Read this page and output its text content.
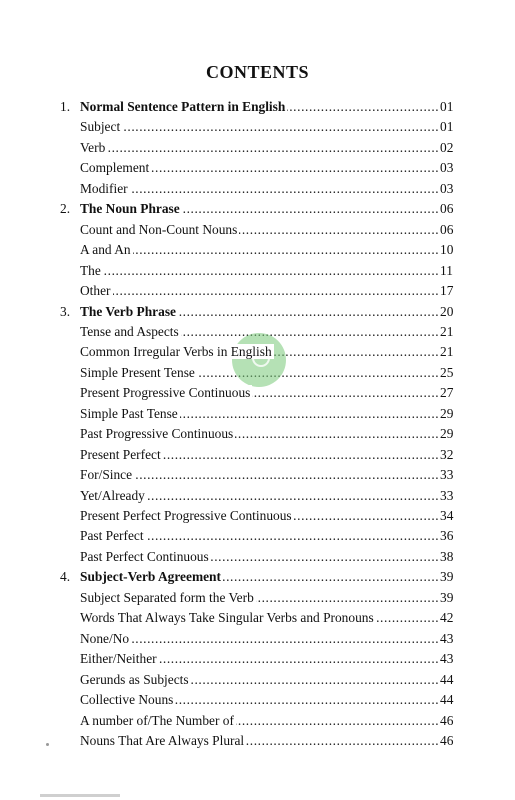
CONTENTS
1. Normal Sentence Pattern in English .....	01
Subject .....	01
Verb .....	02
Complement .....	03
Modifier .....	03
2. The Noun Phrase .....	06
Count and Non-Count Nouns .....	06
A and An .....	10
The .....	11
Other .....	17
3. The Verb Phrase .....	20
Tense and Aspects .....	21
Common Irregular Verbs in English .....	21
Simple Present Tense .....	25
Present Progressive Continuous .....	27
Simple Past Tense .....	29
Past Progressive Continuous .....	29
Present Perfect .....	32
For/Since .....	33
Yet/Already .....	33
Present Perfect Progressive Continuous .....	34
Past Perfect .....	36
Past Perfect Continuous .....	38
4. Subject-Verb Agreement .....	39
Subject Separated form the Verb .....	39
Words That Always Take Singular Verbs and Pronouns .....	42
None/No .....	43
Either/Neither .....	43
Gerunds as Subjects .....	44
Collective Nouns .....	44
A number of/The Number of .....	46
Nouns That Are Always Plural .....	46
